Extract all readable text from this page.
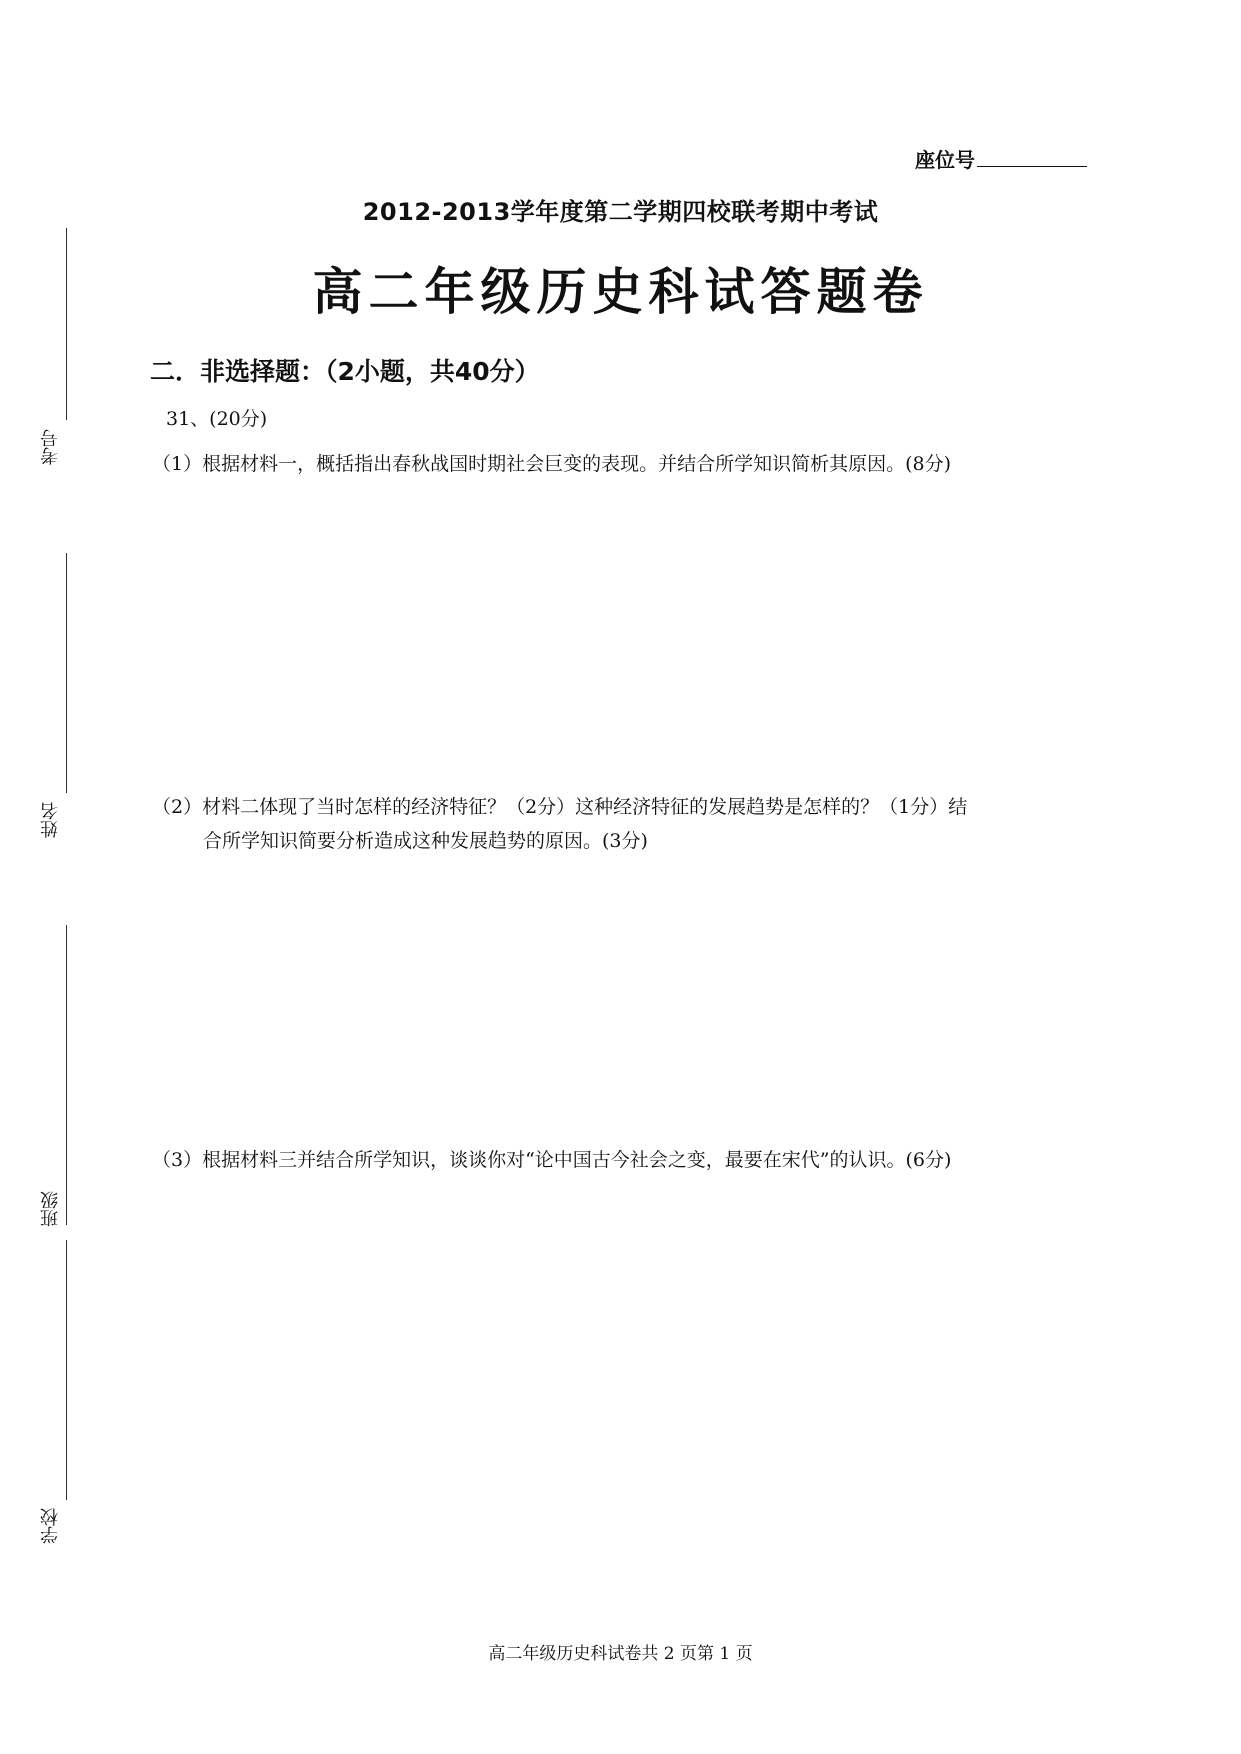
座位号
2012-2013学年度第二学期四校联考期中考试
高二年级历史科试答题卷
二．非选择题：（2小题，共40分）
31、(20分)
（1）根据材料一，概括指出春秋战国时期社会巨变的表现。并结合所学知识简析其原因。(8分)
（2）材料二体现了当时怎样的经济特征？（2分）这种经济特征的发展趋势是怎样的？（1分）结
合所学知识简要分析造成这种发展趋势的原因。(3分)
（3）根据材料三并结合所学知识，谈谈你对“论中国古今社会之变，最要在宋代”的认识。(6分)
考号
姓名
班级
学校
高二年级历史科试卷共 2 页第 1 页
